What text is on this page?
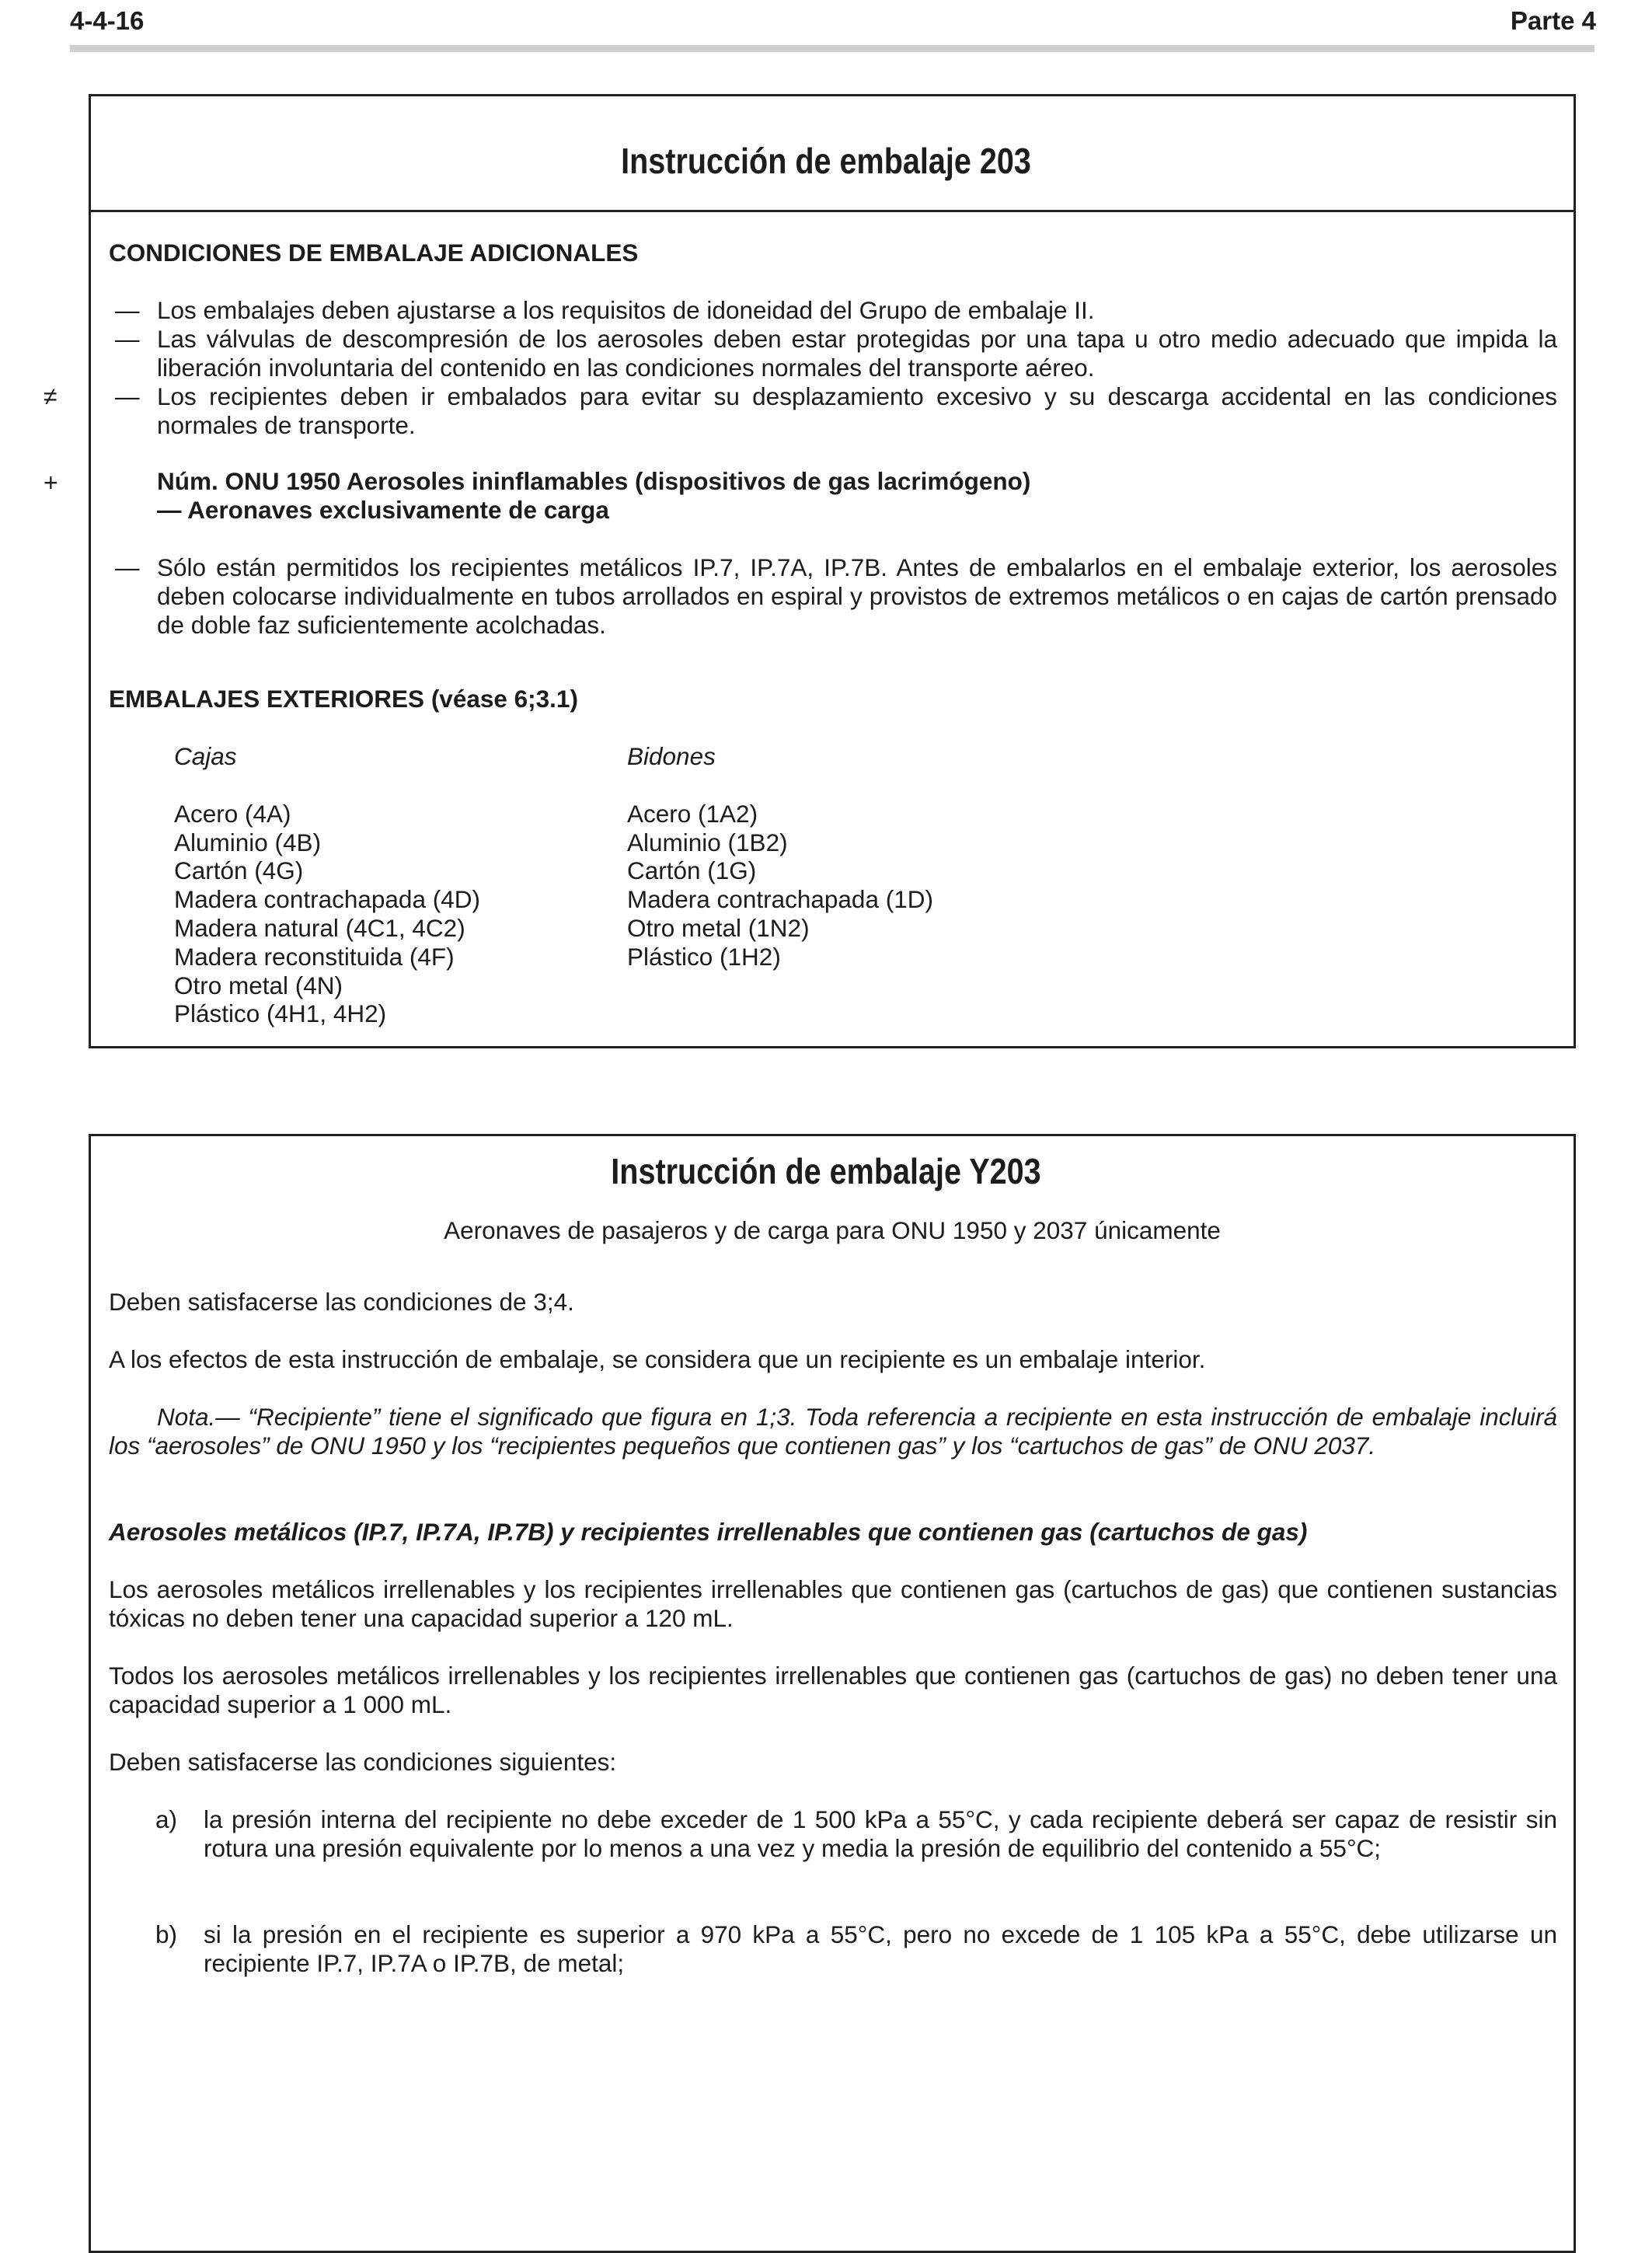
4-4-16	Parte 4
Instrucción de embalaje 203
CONDICIONES DE EMBALAJE ADICIONALES
— Los embalajes deben ajustarse a los requisitos de idoneidad del Grupo de embalaje II.
— Las válvulas de descompresión de los aerosoles deben estar protegidas por una tapa u otro medio adecuado que impida la liberación involuntaria del contenido en las condiciones normales del transporte aéreo.
≠ — Los recipientes deben ir embalados para evitar su desplazamiento excesivo y su descarga accidental en las condiciones normales de transporte.
+	Núm. ONU 1950 Aerosoles ininflamables (dispositivos de gas lacrimógeno)
— Aeronaves exclusivamente de carga
— Sólo están permitidos los recipientes metálicos IP.7, IP.7A, IP.7B. Antes de embalarlos en el embalaje exterior, los aerosoles deben colocarse individualmente en tubos arrollados en espiral y provistos de extremos metálicos o en cajas de cartón prensado de doble faz suficientemente acolchadas.
EMBALAJES EXTERIORES (véase 6;3.1)
Cajas
Acero (4A)
Aluminio (4B)
Cartón (4G)
Madera contrachapada (4D)
Madera natural (4C1, 4C2)
Madera reconstituida (4F)
Otro metal (4N)
Plástico (4H1, 4H2)
Bidones
Acero (1A2)
Aluminio (1B2)
Cartón (1G)
Madera contrachapada (1D)
Otro metal (1N2)
Plástico (1H2)
Instrucción de embalaje Y203
Aeronaves de pasajeros y de carga para ONU 1950 y 2037 únicamente
Deben satisfacerse las condiciones de 3;4.
A los efectos de esta instrucción de embalaje, se considera que un recipiente es un embalaje interior.
Nota.— “Recipiente” tiene el significado que figura en 1;3. Toda referencia a recipiente en esta instrucción de embalaje incluirá los “aerosoles” de ONU 1950 y los “recipientes pequeños que contienen gas” y los “cartuchos de gas” de ONU 2037.
Aerosoles metálicos (IP.7, IP.7A, IP.7B) y recipientes irrellenables que contienen gas (cartuchos de gas)
Los aerosoles metálicos irrellenables y los recipientes irrellenables que contienen gas (cartuchos de gas) que contienen sustancias tóxicas no deben tener una capacidad superior a 120 mL.
Todos los aerosoles metálicos irrellenables y los recipientes irrellenables que contienen gas (cartuchos de gas) no deben tener una capacidad superior a 1 000 mL.
Deben satisfacerse las condiciones siguientes:
a) la presión interna del recipiente no debe exceder de 1 500 kPa a 55°C, y cada recipiente deberá ser capaz de resistir sin rotura una presión equivalente por lo menos a una vez y media la presión de equilibrio del contenido a 55°C;
b) si la presión en el recipiente es superior a 970 kPa a 55°C, pero no excede de 1 105 kPa a 55°C, debe utilizarse un recipiente IP.7, IP.7A o IP.7B, de metal;
